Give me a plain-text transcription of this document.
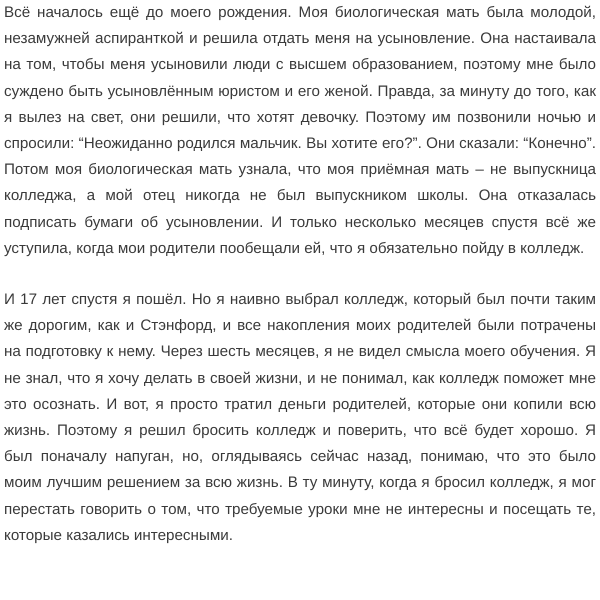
Всё началось ещё до моего рождения. Моя биологическая мать была молодой, незамужней аспиранткой и решила отдать меня на усыновление. Она настаивала на том, чтобы меня усыновили люди с высшем образованием, поэтому мне было суждено быть усыновлённым юристом и его женой. Правда, за минуту до того, как я вылез на свет, они решили, что хотят девочку. Поэтому им позвонили ночью и спросили: “Неожиданно родился мальчик. Вы хотите его?”. Они сказали: “Конечно”. Потом моя биологическая мать узнала, что моя приёмная мать – не выпускница колледжа, а мой отец никогда не был выпускником школы. Она отказалась подписать бумаги об усыновлении. И только несколько месяцев спустя всё же уступила, когда мои родители пообещали ей, что я обязательно пойду в колледж.

И 17 лет спустя я пошёл. Но я наивно выбрал колледж, который был почти таким же дорогим, как и Стэнфорд, и все накопления моих родителей были потрачены на подготовку к нему. Через шесть месяцев, я не видел смысла моего обучения. Я не знал, что я хочу делать в своей жизни, и не понимал, как колледж поможет мне это осознать. И вот, я просто тратил деньги родителей, которые они копили всю жизнь. Поэтому я решил бросить колледж и поверить, что всё будет хорошо. Я был поначалу напуган, но, оглядываясь сейчас назад, понимаю, что это было моим лучшим решением за всю жизнь. В ту минуту, когда я бросил колледж, я мог перестать говорить о том, что требуемые уроки мне не интересны и посещать те, которые казались интересными.
